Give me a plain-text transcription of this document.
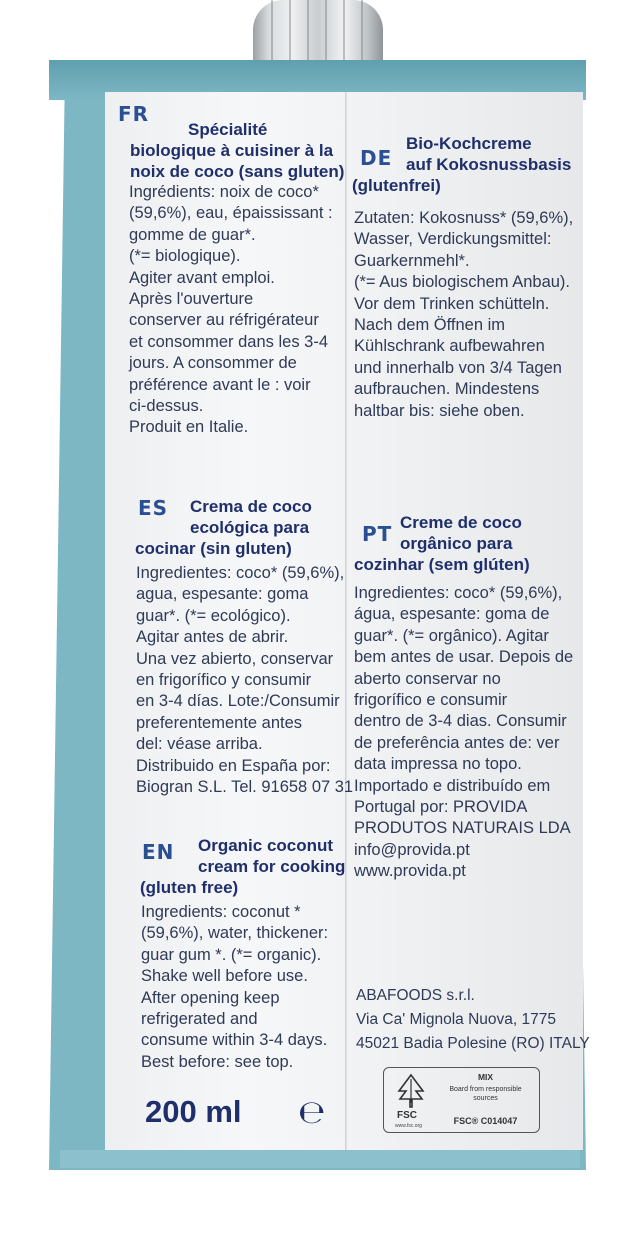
FR
Spécialité
biologique à cuisiner à la
noix de coco (sans gluten)
Ingrédients: noix de coco*
(59,6%), eau, épaississant :
gomme de guar*.
(*= biologique).
Agiter avant emploi.
Après l'ouverture
conserver au réfrigérateur
et consommer dans les 3-4
jours. A consommer de
préférence avant le : voir
ci-dessus.
Produit en Italie.
ES	Crema de coco
ecológica para
cocinar (sin gluten)
Ingredientes: coco* (59,6%),
agua, espesante: goma
guar*. (*= ecológico).
Agitar antes de abrir.
Una vez abierto, conservar
en frigorífico y consumir
en 3-4 días. Lote:/Consumir
preferentemente antes
del: véase arriba.
Distribuido en España por:
Biogran S.L. Tel. 91658 07 31
EN	Organic coconut
cream for cooking
(gluten free)
Ingredients: coconut *
(59,6%), water, thickener:
guar gum *. (*= organic).
Shake well before use.
After opening keep
refrigerated and
consume within 3-4 days.
Best before: see top.
DE
Bio-Kochcreme
auf Kokosnussbasis
(glutenfrei)
Zutaten: Kokosnuss* (59,6%),
Wasser, Verdickungsmittel:
Guarkernmehl*.
(*= Aus biologischem Anbau).
Vor dem Trinken schütteln.
Nach dem Öffnen im
Kühlschrank aufbewahren
und innerhalb von 3/4 Tagen
aufbrauchen. Mindestens
haltbar bis: siehe oben.
PT Creme de coco
orgânico para
cozinhar (sem glúten)
Ingredientes: coco* (59,6%),
água, espesante: goma de
guar*. (*= orgânico). Agitar
bem antes de usar. Depois de
aberto conservar no
frigorífico e consumir
dentro de 3-4 dias. Consumir
de preferência antes de: ver
data impressa no topo.
Importado e distribuído em
Portugal por: PROVIDA
PRODUTOS NATURAIS LDA
info@provida.pt
www.provida.pt
ABAFOODS s.r.l.
Via Ca' Mignola Nuova, 1775
45021 Badia Polesine (RO) ITALY
200 ml ℮	FSC
www.fsc.org
MIX
Board from responsible sources
FSC® C014047
